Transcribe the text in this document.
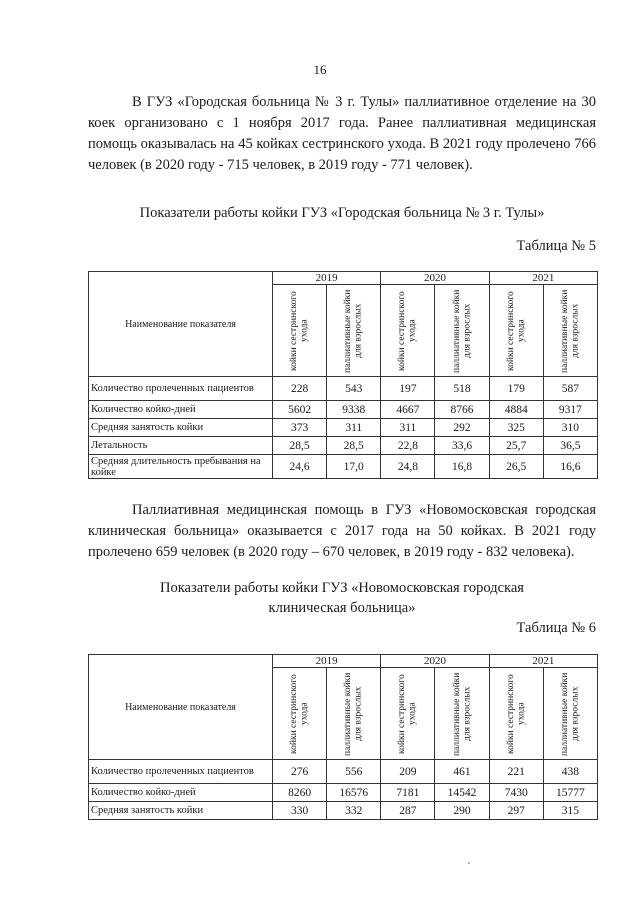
16

В ГУЗ «Городская больница № 3 г. Тулы» паллиативное отделение на 30 коек организовано с 1 ноября 2017 года. Ранее паллиативная медицинская помощь оказывалась на 45 койках сестринского ухода. В 2021 году пролечено 766 человек (в 2020 году - 715 человек, в 2019 году - 771 человек).

Показатели работы койки ГУЗ «Городская больница № 3 г. Тулы»

Таблица № 5
Наименование показателя	2019		2020		2021	

	койки сестринского ухода	паллиативные койки для взрослых	койки сестринского ухода	паллиативные койки для взрослых	койки сестринского ухода	паллиативные койки для взрослых

Количество пролеченных пациентов	228	543	197	518	179	587
Количество койко-дней	5602	9338	4667	8766	4884	9317
Средняя занятость койки	373	311	311	292	325	310
Летальность	28,5	28,5	22,8	33,6	25,7	36,5
Средняя длительность пребывания на койке	24,6	17,0	24,8	16,8	26,5	16,6

Паллиативная медицинская помощь в ГУЗ «Новомосковская городская клиническая больница» оказывается с 2017 года на 50 койках. В 2021 году пролечено 659 человек (в 2020 году – 670 человек, в 2019 году - 832 человека).

Показатели работы койки ГУЗ «Новомосковская городская

клиническая больница»

Таблица № 6
Наименование показателя	2019		2020		2021	

	койки сестринского ухода	паллиативные койки для взрослых	койки сестринского ухода	паллиативные койки для взрослых	койки сестринского ухода	паллиативные койки для взрослых

Количество пролеченных пациентов	276	556	209	461	221	438
Количество койко-дней	8260	16576	7181	14542	7430	15777
Средняя занятость койки	330	332	287	290	297	315
